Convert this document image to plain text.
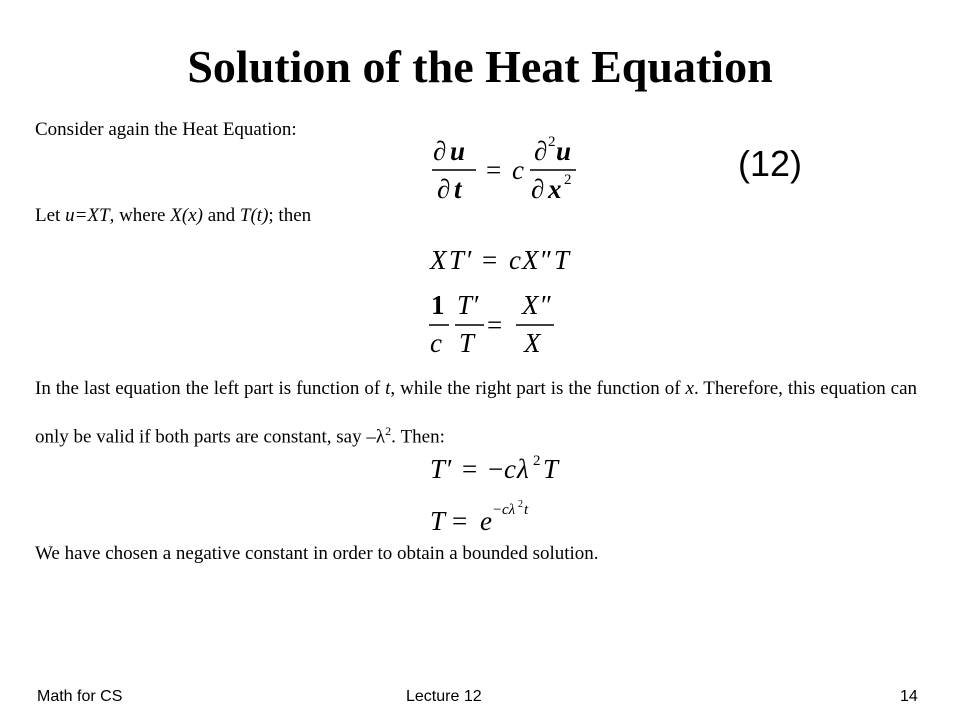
Solution of the Heat Equation

Consider again the Heat Equation:

∂ u
∂ t
= c
∂ 2 u
∂ x 2	(12)

Let u=XT, where X(x) and T(t); then

X T ′ = c X ″ T
1
c
T ′
T
=
X ″
X

In the last equation the left part is function of t, while the right part is the function of x. Therefore, this equation can only be valid if both parts are constant, say $-\lambda^2$. Then:

T ′ = − c λ 2 T
T = e − cλ 2 t

We have chosen a negative constant in order to obtain a bounded solution.

Math for CS	Lecture 12	14
